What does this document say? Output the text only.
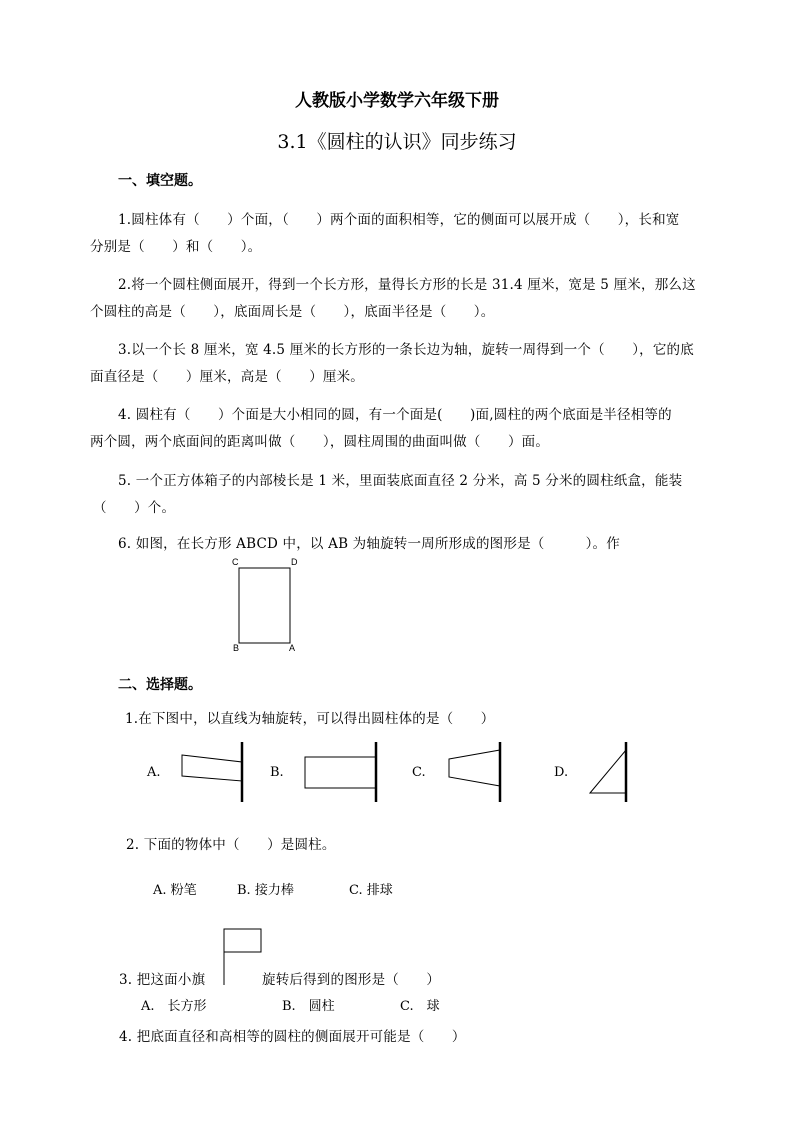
人教版小学数学六年级下册
3.1《圆柱的认识》同步练习
一、填空题。
1.圆柱体有（　　）个面，（　　）两个面的面积相等，它的侧面可以展开成（　　），长和宽
分别是（　　）和（　　）。
2.将一个圆柱侧面展开，得到一个长方形，量得长方形的长是 31.4 厘米，宽是 5 厘米，那么这
个圆柱的高是（　　），底面周长是（　　），底面半径是（　　）。
3.以一个长 8 厘米，宽 4.5 厘米的长方形的一条长边为轴，旋转一周得到一个（　　），它的底
面直径是（　　）厘米，高是（　　）厘米。
4. 圆柱有（　　）个面是大小相同的圆，有一个面是(　　)面,圆柱的两个底面是半径相等的
两个圆，两个底面间的距离叫做（　　），圆柱周围的曲面叫做（　　）面。
5. 一个正方体箱子的内部棱长是 1 米，里面装底面直径 2 分米，高 5 分米的圆柱纸盒，能装
（　　）个。
6. 如图，在长方形 ABCD 中，以 AB 为轴旋转一周所形成的图形是（　　　）。作
C	D
B	A
二、选择题。
1.在下图中，以直线为轴旋转，可以得出圆柱体的是（　　）
A.	B.	C.	D.
2. 下面的物体中（　　）是圆柱。
A. 粉笔	B. 接力棒	C. 排球
3. 把这面小旗	旋转后得到的图形是（　　）
A.　长方形	B.　圆柱	C.　球
4. 把底面直径和高相等的圆柱的侧面展开可能是（　　）
